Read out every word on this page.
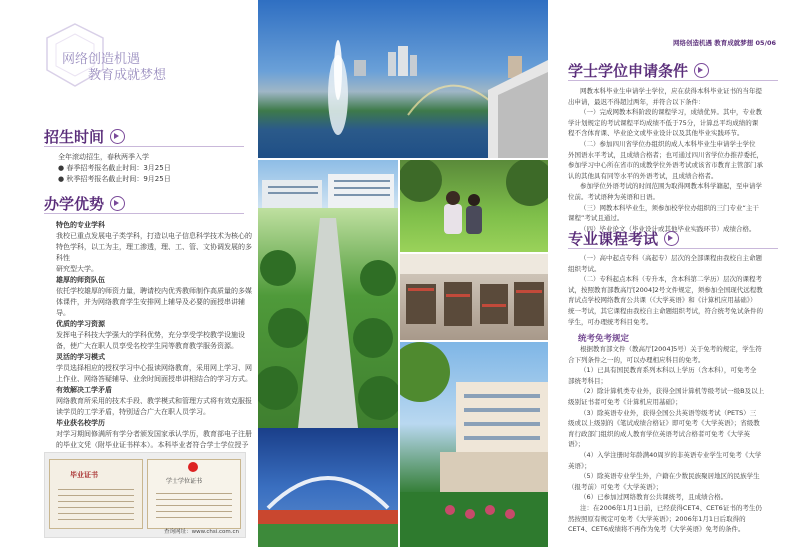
网络创造机遇
教育成就梦想
招生时间
全年滚动招生，春秋两季入学
● 春季招考报名截止时间：3月25日
● 秋季招考报名截止时间：9月25日
办学优势
特色的专业学科
我校已重点发展电子类学科，打造以电子信息科学技术为核心的
特色学科，以工为主，理工渗透，理、工、管、文协调发展的多科性
研究型大学。
雄厚的师资队伍
依托学校雄厚的师资力量，聘请校内优秀教师制作高质量的多媒
体课件，并为网络教育学生安排网上辅导及必要的面授串讲辅导。
优质的学习资源
发挥电子科技大学强大的学科优势，充分享受学校教学设施设
备，使广大在职人员享受名校学生同等教育教学服务资源。
灵活的学习模式
学员选择相应的授权学习中心报读网络教育，采用网上学习、网
上作业、网络答疑辅导、业余时间面授串讲相结合的学习方式。
有效解决工学矛盾
网络教育所采用的技术手段、教学模式和管理方式将有效克服报
读学员的工学矛盾，特别适合广大在职人员学习。
毕业获名校学历
对学习期间修满所有学分者颁发国家承认学历，教育部电子注册
的毕业文凭（附毕业证书样本）。本科毕业者符合学士学位授予
毕业证书
学士学位证书
查询网址：www.chsi.com.cn
网络创造机遇 教育成就梦想 05/06
学士学位申请条件
网教本科毕业生申请学士学位，应在获得本科毕业证书的当年提
出申请，最迟不得超过两年，并符合以下条件：
（一）完成网教本科阶段的课程学习，成绩优异。其中，专业教
学计划规定的考试课程平均成绩不低于75分，计算总平均成绩的课
程不含体育课、毕业论文或毕业设计以及其他毕业实践环节。
（二）参加四川省学位办组织的成人本科毕业生申请学士学位
外国语水平考试，且成绩合格者；也可通过四川省学位办推荐委托，
参加学习中心所在省市的成教学位外语考试或该省市教育主管部门承
认的其他具有同等水平的外语考试，且成绩合格者。
参加学位外语考试的时间范围为取得网教本科学籍起，至申请学
位前。考试语种为英语和日语。
（三）网教本科毕业生，须参加校学位办组织的三门专业“主干
课程”考试且通过。
（四）毕业论文（毕业设计或其他毕业实践环节）成绩合格。
专业课程考试
（一）高中起点专科（高起专）层次的全部课程由我校自主命题
组织考试。
（二）专科起点本科（专升本，含本科第二学历）层次的课程考
试，按照教育部教高厅[2004]2号文件规定，须参加全国现代远程教
育试点学校网络教育公共课（《大学英语》和《计算机应用基础》）
统一考试，其它课程由我校自主命题组织考试，符合统考免试条件的
学生，可办理统考科目免考。
统考免考规定
根据教育部文件（教高厅[2004]5号）关于免考的规定，学生符
合下列条件之一的，可以办理相应科目的免考。
（1）已具有国民教育系列本科以上学历（含本科），可免考全
部统考科目；
（2）除计算机类专业外，获得全国计算机等级考试一级B及以上
级别证书者可免考《计算机应用基础》；
（3）除英语专业外，获得全国公共英语等级考试（PETS）三
级或以上级别的《笔试成绩合格证》即可免考《大学英语》；省级教
育行政部门组织的成人教育学位英语考试合格者可免考《大学英
语》；
（4）入学注册时年龄满40周岁的非英语专业学生可免考《大学
英语》；
（5）除英语专业学生外，户籍在少数民族聚居地区的民族学生
（报考前）可免考《大学英语》；
（6）已参加过网络教育公共课统考，且成绩合格。
注：在2006年1月1日前，已经获得CET4、CET6证书的考生仍
然按照原有规定可免考《大学英语》；2006年1月1日后取得的
CET4、CET6成绩将不再作为免考《大学英语》免考的条件。
